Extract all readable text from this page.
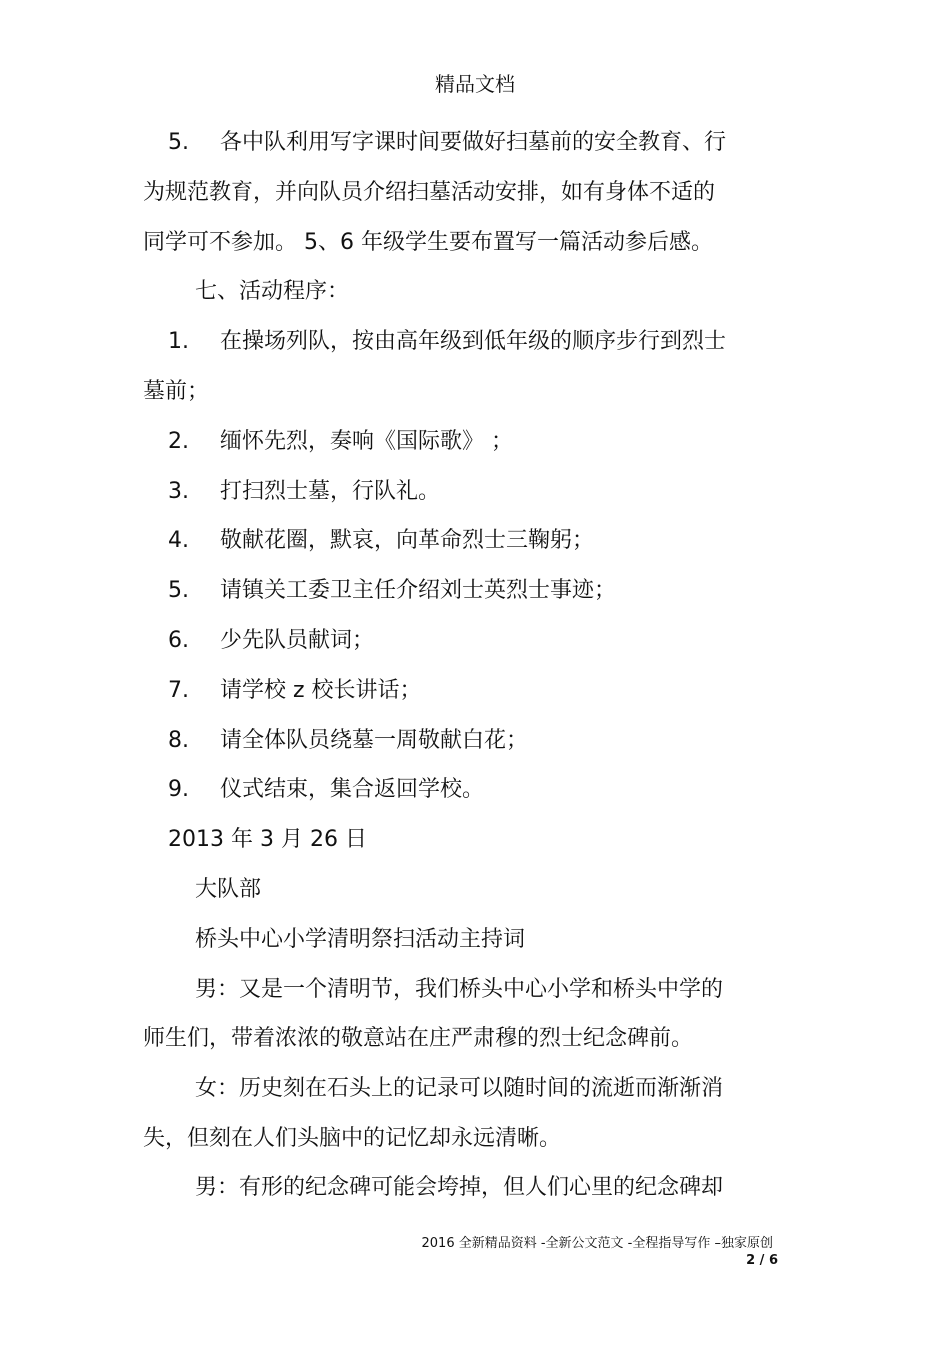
精品文档
5. 各中队利用写字课时间要做好扫墓前的安全教育、行
为规范教育，并向队员介绍扫墓活动安排，如有身体不适的
同学可不参加。 5、6 年级学生要布置写一篇活动参后感。
七、活动程序：
1. 在操场列队，按由高年级到低年级的顺序步行到烈士
墓前；
2. 缅怀先烈，奏响《国际歌》 ；
3. 打扫烈士墓，行队礼。
4. 敬献花圈，默哀，向革命烈士三鞠躬；
5. 请镇关工委卫主任介绍刘士英烈士事迹；
6. 少先队员献词；
7. 请学校 z 校长讲话；
8. 请全体队员绕墓一周敬献白花；
9. 仪式结束，集合返回学校。
2013 年 3 月 26 日
大队部
桥头中心小学清明祭扫活动主持词
男：又是一个清明节，我们桥头中心小学和桥头中学的
师生们，带着浓浓的敬意站在庄严肃穆的烈士纪念碑前。
女：历史刻在石头上的记录可以随时间的流逝而渐渐消
失，但刻在人们头脑中的记忆却永远清晰。
男：有形的纪念碑可能会垮掉，但人们心里的纪念碑却
2016 全新精品资料 -全新公文范文 -全程指导写作 –独家原创
2 / 6
